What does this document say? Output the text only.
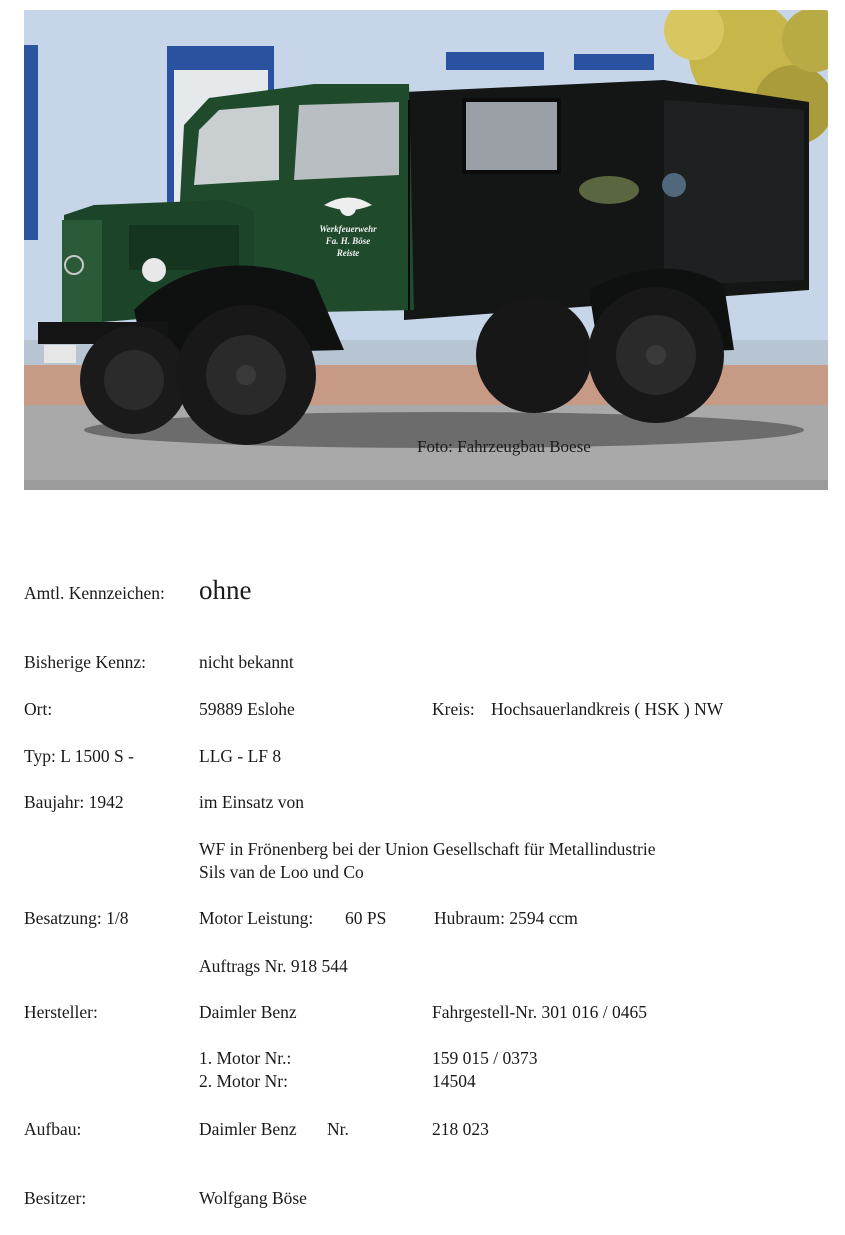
Werkfeuerwehr
Fa. H. Böse
Reiste
Foto: Fahrzeugbau Boese
Amtl. Kennzeichen: ohne
Bisherige Kennz:	nicht bekannt
Ort:	59889 Eslohe	Kreis: Hochsauerlandkreis ( HSK ) NW
Typ: L 1500 S -	LLG - LF 8
Baujahr: 1942	im Einsatz von
WF in Frönenberg bei der Union Gesellschaft für Metallindustrie
Sils van de Loo und Co
Besatzung: 1/8	Motor Leistung: 60 PS	Hubraum: 2594 ccm
Auftrags Nr. 918 544
Hersteller:	Daimler Benz	Fahrgestell-Nr. 301 016 / 0465
1. Motor Nr.:	159 015 / 0373
2. Motor Nr:	14504
Aufbau:	Daimler Benz Nr.	218 023
Besitzer:	Wolfgang Böse
